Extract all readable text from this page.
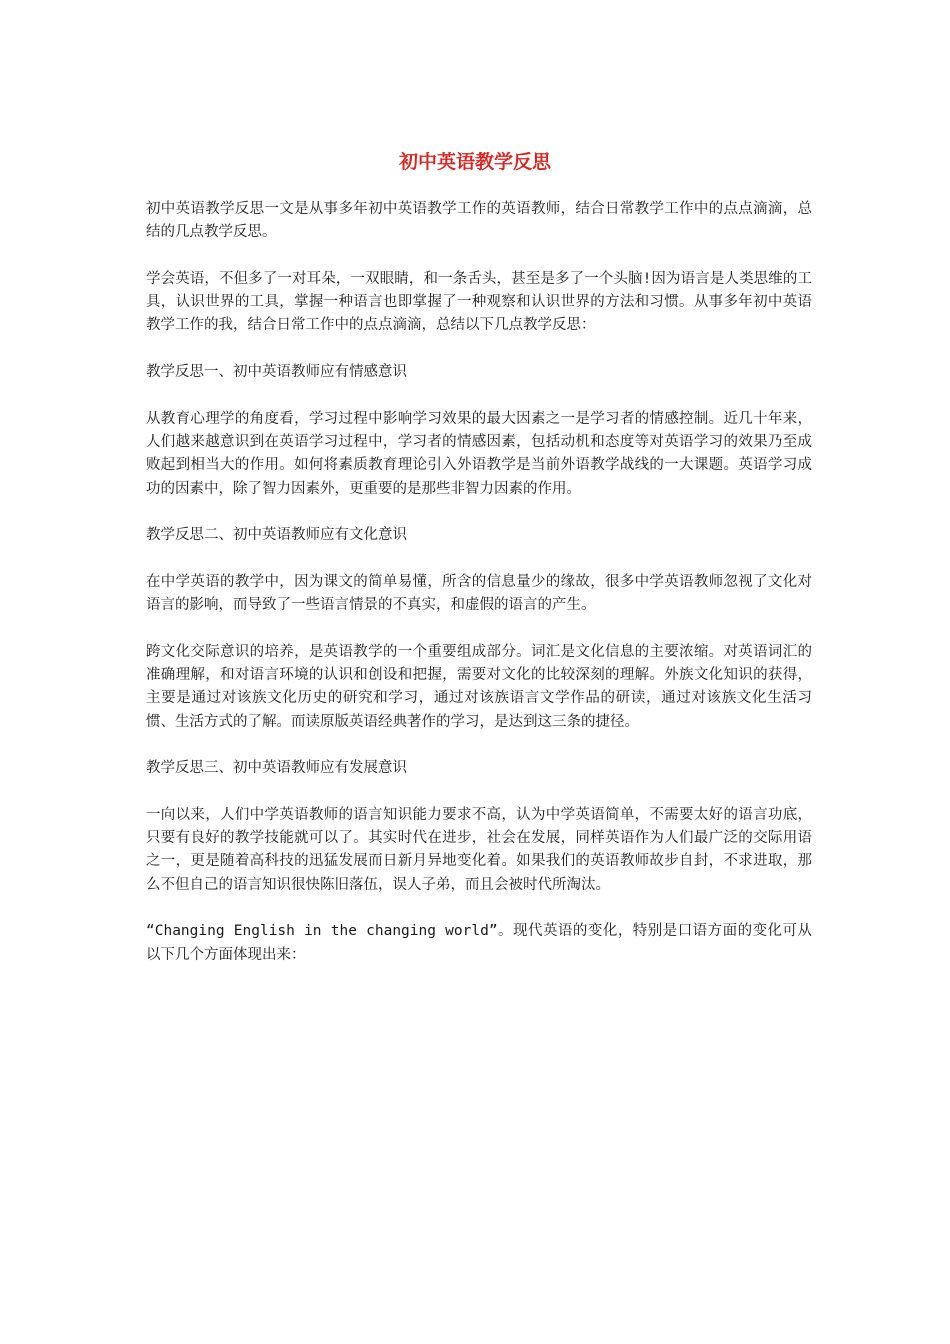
初中英语教学反思

初中英语教学反思一文是从事多年初中英语教学工作的英语教师，结合日常教学工作中的点点滴滴，总结的几点教学反思。

学会英语，不但多了一对耳朵，一双眼睛，和一条舌头，甚至是多了一个头脑!因为语言是人类思维的工具，认识世界的工具，掌握一种语言也即掌握了一种观察和认识世界的方法和习惯。从事多年初中英语教学工作的我，结合日常工作中的点点滴滴，总结以下几点教学反思：

教学反思一、初中英语教师应有情感意识

从教育心理学的角度看，学习过程中影响学习效果的最大因素之一是学习者的情感控制。近几十年来，人们越来越意识到在英语学习过程中，学习者的情感因素，包括动机和态度等对英语学习的效果乃至成败起到相当大的作用。如何将素质教育理论引入外语教学是当前外语教学战线的一大课题。英语学习成功的因素中，除了智力因素外，更重要的是那些非智力因素的作用。

教学反思二、初中英语教师应有文化意识

在中学英语的教学中，因为课文的简单易懂，所含的信息量少的缘故，很多中学英语教师忽视了文化对语言的影响，而导致了一些语言情景的不真实，和虚假的语言的产生。

跨文化交际意识的培养，是英语教学的一个重要组成部分。词汇是文化信息的主要浓缩。对英语词汇的准确理解，和对语言环境的认识和创设和把握，需要对文化的比较深刻的理解。外族文化知识的获得，主要是通过对该族文化历史的研究和学习，通过对该族语言文学作品的研读，通过对该族文化生活习惯、生活方式的了解。而读原版英语经典著作的学习，是达到这三条的捷径。

教学反思三、初中英语教师应有发展意识

一向以来，人们中学英语教师的语言知识能力要求不高，认为中学英语简单，不需要太好的语言功底，只要有良好的教学技能就可以了。其实时代在进步，社会在发展，同样英语作为人们最广泛的交际用语之一，更是随着高科技的迅猛发展而日新月异地变化着。如果我们的英语教师故步自封，不求进取，那么不但自己的语言知识很快陈旧落伍，误人子弟，而且会被时代所淘汰。

“Changing English in the changing world”。现代英语的变化，特别是口语方面的变化可从以下几个方面体现出来：
